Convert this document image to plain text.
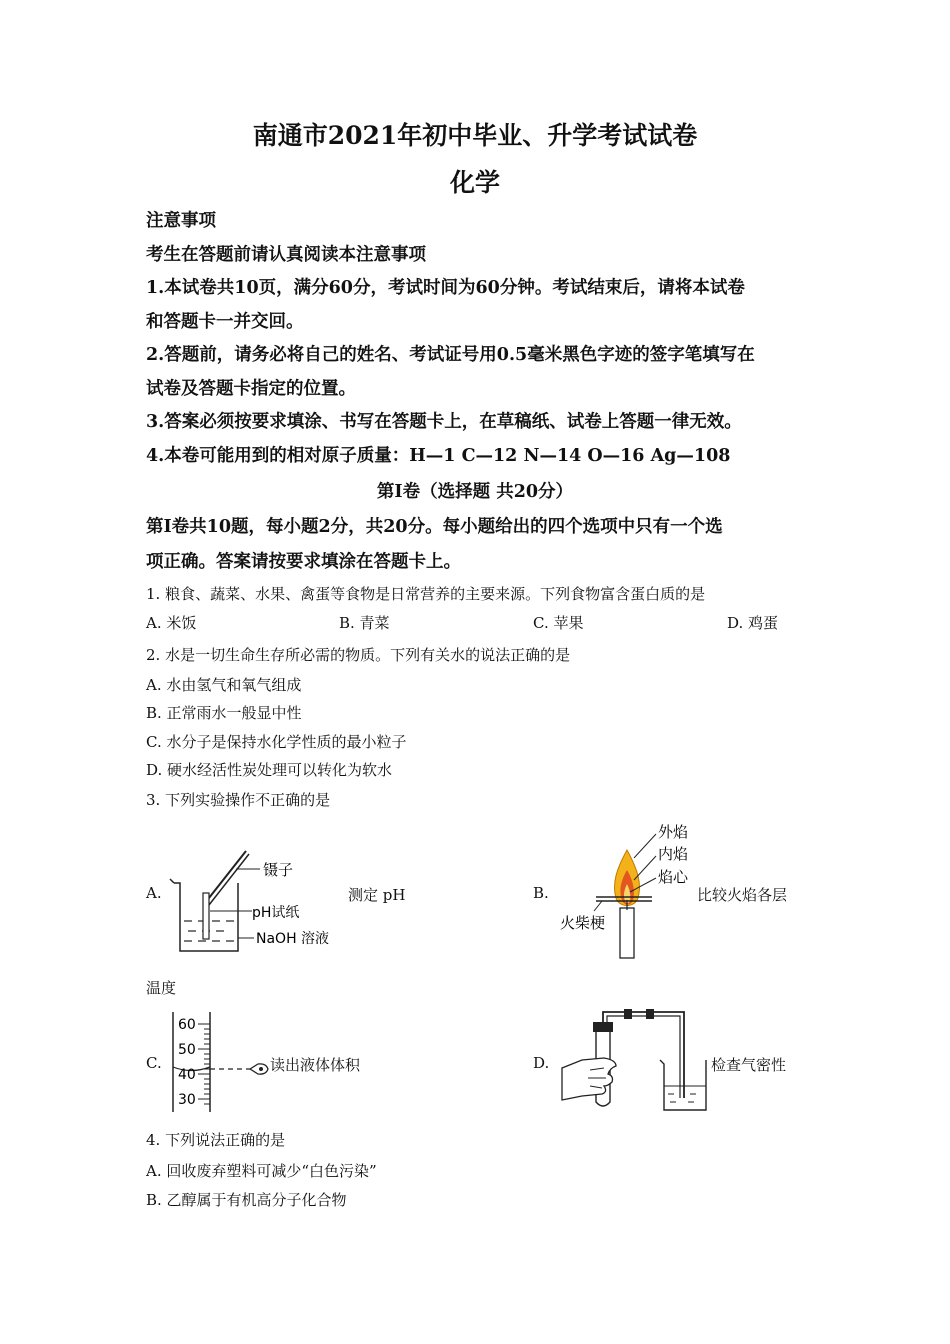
南通市2021年初中毕业、升学考试试卷
化学
注意事项
考生在答题前请认真阅读本注意事项
1.本试卷共10页，满分60分，考试时间为60分钟。考试结束后，请将本试卷
和答题卡一并交回。
2.答题前，请务必将自己的姓名、考试证号用0.5毫米黑色字迹的签字笔填写在
试卷及答题卡指定的位置。
3.答案必须按要求填涂、书写在答题卡上，在草稿纸、试卷上答题一律无效。
4.本卷可能用到的相对原子质量：H—1 C—12 N—14 O—16 Ag—108
第Ⅰ卷（选择题 共20分）
第Ⅰ卷共10题，每小题2分，共20分。每小题给出的四个选项中只有一个选
项正确。答案请按要求填涂在答题卡上。
1. 粮食、蔬菜、水果、禽蛋等食物是日常营养的主要来源。下列食物富含蛋白质的是
A. 米饭	B. 青菜	C. 苹果	D. 鸡蛋
2. 水是一切生命生存所必需的物质。下列有关水的说法正确的是
A. 水由氢气和氧气组成
B. 正常雨水一般显中性
C. 水分子是保持水化学性质的最小粒子
D. 硬水经活性炭处理可以转化为软水
3. 下列实验操作不正确的是
A.
镊子
pH试纸
NaOH 溶液
测定 pH	B.
外焰
内焰
焰心
火柴梗
比较火焰各层
温度
C.
60
50
40
30
读出液体体积	D.	检查气密性
4. 下列说法正确的是
A. 回收废弃塑料可减少“白色污染”
B. 乙醇属于有机高分子化合物
